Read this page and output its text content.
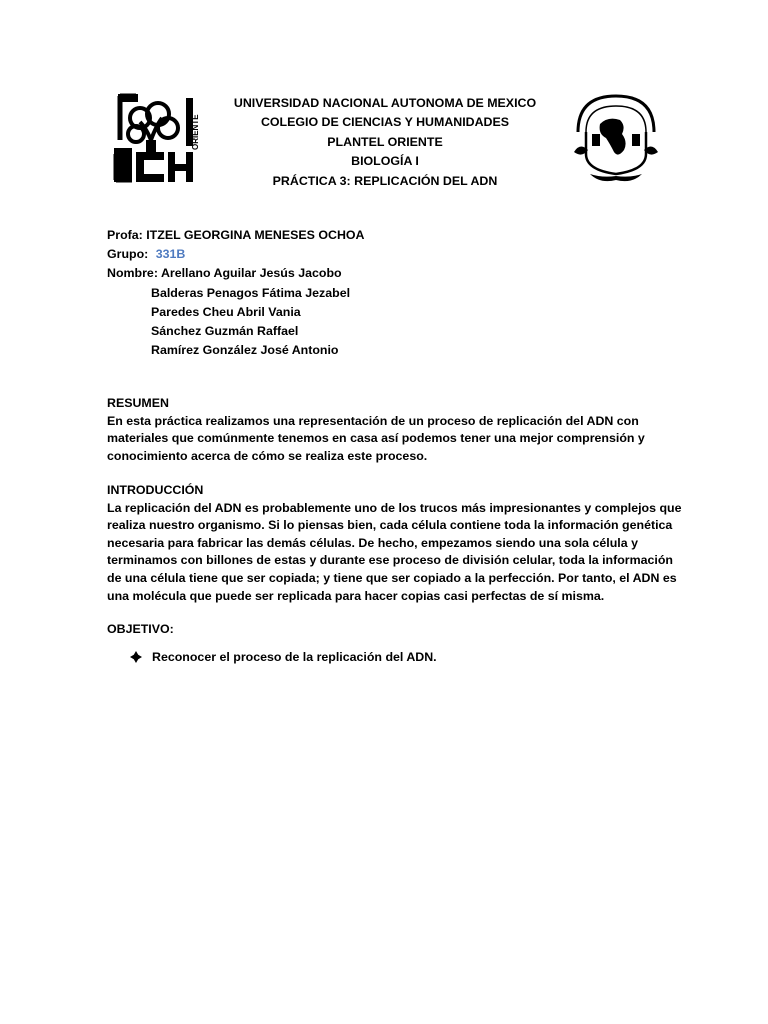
ORIENTE
UNIVERSIDAD NACIONAL AUTONOMA DE MEXICO
COLEGIO DE CIENCIAS Y HUMANIDADES
PLANTEL ORIENTE
BIOLOGÍA I
PRÁCTICA 3: REPLICACIÓN DEL ADN
Profa: ITZEL GEORGINA MENESES OCHOA
Grupo: 331B
Nombre: Arellano Aguilar Jesús Jacobo
Balderas Penagos Fátima Jezabel
Paredes Cheu Abril Vania
Sánchez Guzmán Raffael
Ramírez González José Antonio
RESUMEN
En esta práctica realizamos una representación de un proceso de replicación del ADN con
materiales que comúnmente tenemos en casa así podemos tener una mejor comprensión y
conocimiento acerca de cómo se realiza este proceso.
INTRODUCCIÓN
La replicación del ADN es probablemente uno de los trucos más impresionantes y complejos que
realiza nuestro organismo. Si lo piensas bien, cada célula contiene toda la información genética
necesaria para fabricar las demás células. De hecho, empezamos siendo una sola célula y
terminamos con billones de estas y durante ese proceso de división celular, toda la información
de una célula tiene que ser copiada; y tiene que ser copiado a la perfección. Por tanto, el ADN es
una molécula que puede ser replicada para hacer copias casi perfectas de sí misma.
OBJETIVO:
Reconocer el proceso de la replicación del ADN.
